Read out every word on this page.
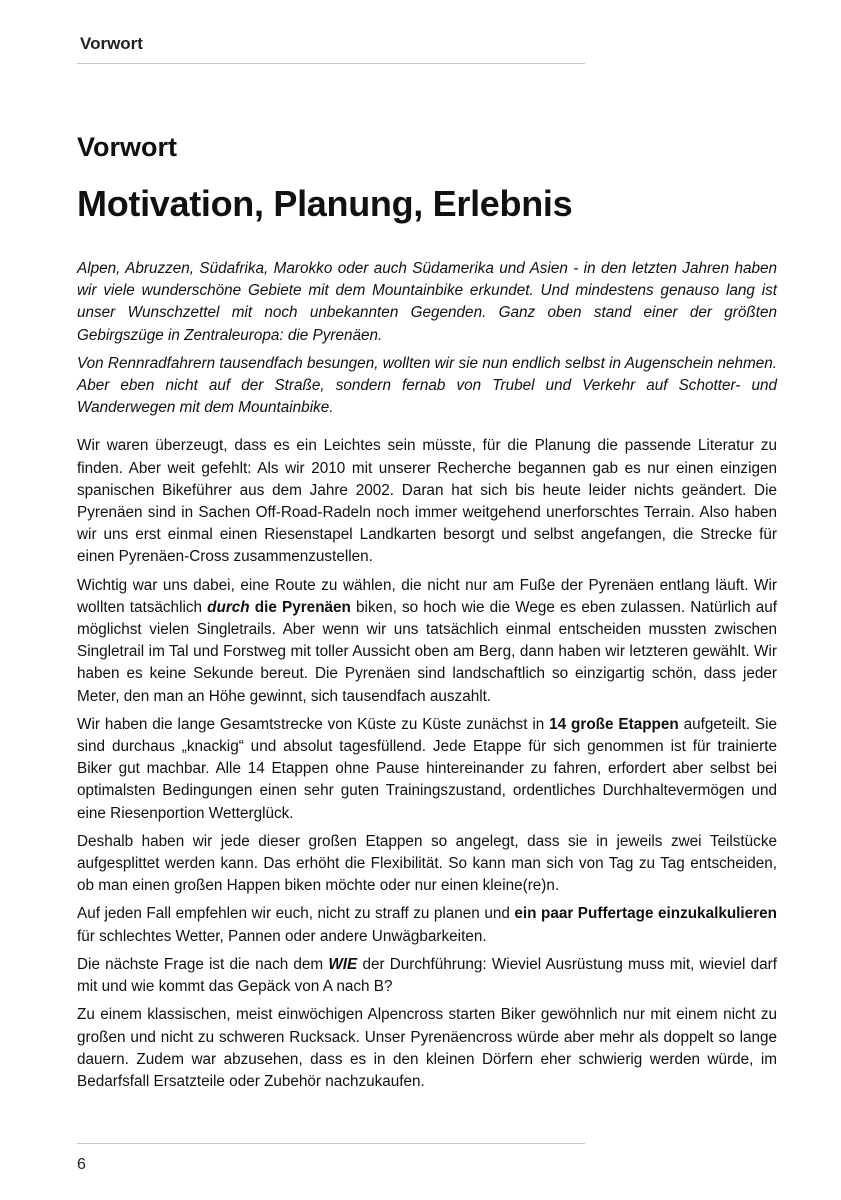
Vorwort
Vorwort
Motivation, Planung, Erlebnis

Alpen, Abruzzen, Südafrika, Marokko oder auch Südamerika und Asien - in den letzten Jahren haben wir viele wunderschöne Gebiete mit dem Mountainbike erkundet. Und mindestens genauso lang ist unser Wunschzettel mit noch unbekannten Gegenden. Ganz oben stand einer der größten Gebirgszüge in Zentraleuropa: die Pyrenäen.

Von Rennradfahrern tausendfach besungen, wollten wir sie nun endlich selbst in Augenschein nehmen. Aber eben nicht auf der Straße, sondern fernab von Trubel und Verkehr auf Schotter- und Wanderwegen mit dem Mountainbike.

Wir waren überzeugt, dass es ein Leichtes sein müsste, für die Planung die passende Literatur zu finden. Aber weit gefehlt: Als wir 2010 mit unserer Recherche begannen gab es nur einen einzigen spanischen Bikeführer aus dem Jahre 2002. Daran hat sich bis heute leider nichts geändert. Die Pyrenäen sind in Sachen Off-Road-Radeln noch immer weitgehend unerforschtes Terrain. Also haben wir uns erst einmal einen Riesenstapel Landkarten besorgt und selbst angefangen, die Strecke für einen Pyrenäen-Cross zusammenzustellen.

Wichtig war uns dabei, eine Route zu wählen, die nicht nur am Fuße der Pyrenäen entlang läuft. Wir wollten tatsächlich durch die Pyrenäen biken, so hoch wie die Wege es eben zulassen. Natürlich auf möglichst vielen Singletrails. Aber wenn wir uns tatsächlich einmal entscheiden mussten zwischen Singletrail im Tal und Forstweg mit toller Aussicht oben am Berg, dann haben wir letzteren gewählt. Wir haben es keine Sekunde bereut. Die Pyrenäen sind landschaftlich so einzigartig schön, dass jeder Meter, den man an Höhe gewinnt, sich tausendfach auszahlt.

Wir haben die lange Gesamtstrecke von Küste zu Küste zunächst in 14 große Etappen aufgeteilt. Sie sind durchaus „knackig“ und absolut tagesfüllend. Jede Etappe für sich genommen ist für trainierte Biker gut machbar. Alle 14 Etappen ohne Pause hintereinander zu fahren, erfordert aber selbst bei optimalsten Bedingungen einen sehr guten Trainingszustand, ordentliches Durchhaltevermögen und eine Riesenportion Wetterglück.

Deshalb haben wir jede dieser großen Etappen so angelegt, dass sie in jeweils zwei Teilstücke aufgesplittet werden kann. Das erhöht die Flexibilität. So kann man sich von Tag zu Tag entscheiden, ob man einen großen Happen biken möchte oder nur einen kleine(re)n.

Auf jeden Fall empfehlen wir euch, nicht zu straff zu planen und ein paar Puffertage einzukalkulieren für schlechtes Wetter, Pannen oder andere Unwägbarkeiten.

Die nächste Frage ist die nach dem WIE der Durchführung: Wieviel Ausrüstung muss mit, wieviel darf mit und wie kommt das Gepäck von A nach B?

Zu einem klassischen, meist einwöchigen Alpencross starten Biker gewöhnlich nur mit einem nicht zu großen und nicht zu schweren Rucksack. Unser Pyrenäencross würde aber mehr als doppelt so lange dauern. Zudem war abzusehen, dass es in den kleinen Dörfern eher schwierig werden würde, im Bedarfsfall Ersatzteile oder Zubehör nachzukaufen.

6
